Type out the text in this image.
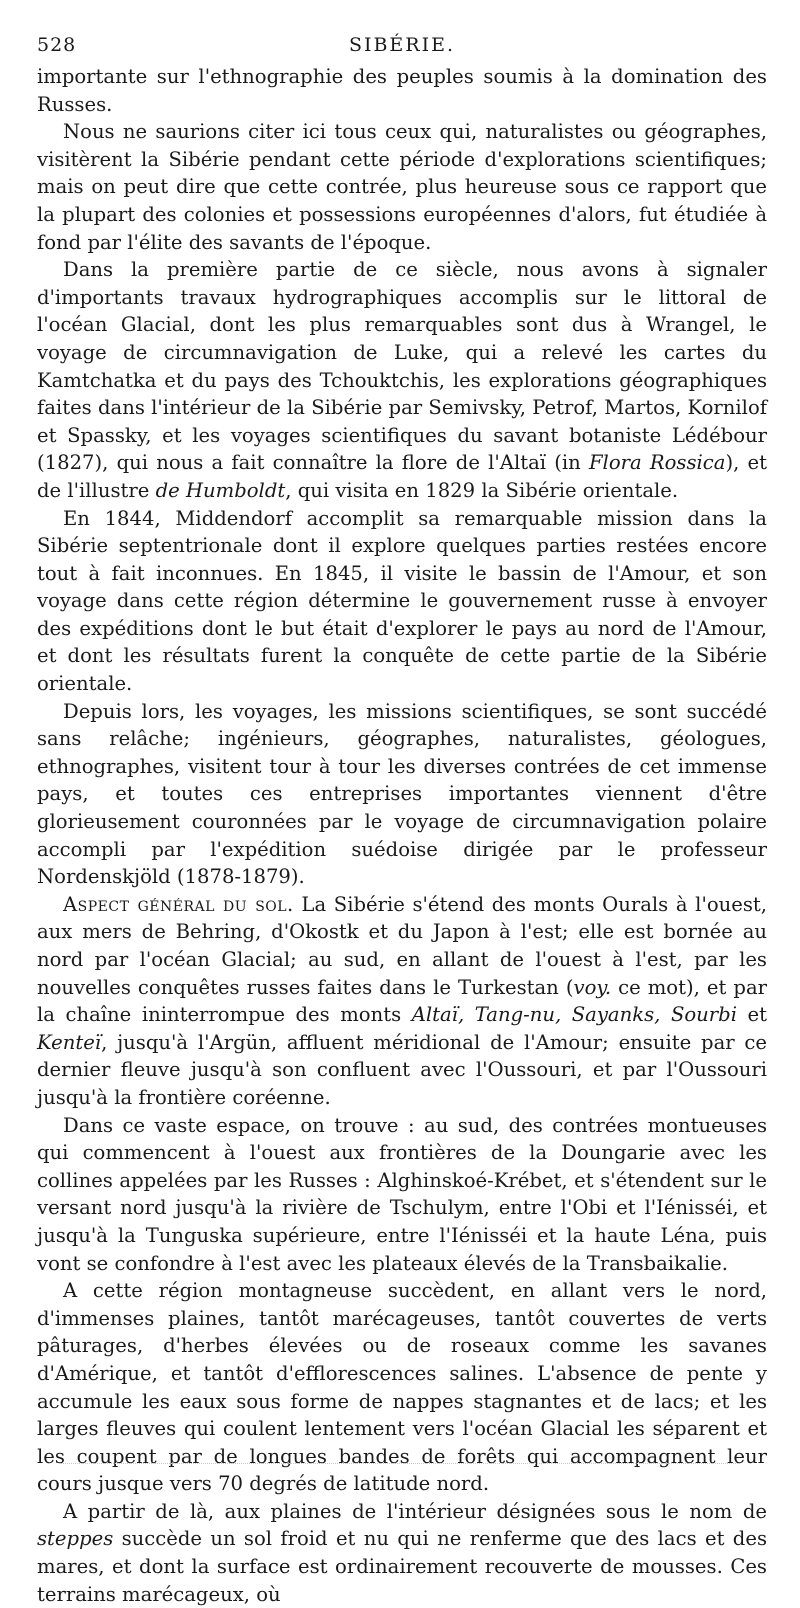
528	SIBÉRIE.

importante sur l'ethnographie des peuples soumis à la domination des Russes.

Nous ne saurions citer ici tous ceux qui, naturalistes ou géographes, visitèrent la Sibérie pendant cette période d'explorations scientifiques; mais on peut dire que cette contrée, plus heureuse sous ce rapport que la plupart des colonies et possessions européennes d'alors, fut étudiée à fond par l'élite des savants de l'époque.

Dans la première partie de ce siècle, nous avons à signaler d'importants travaux hydrographiques accomplis sur le littoral de l'océan Glacial, dont les plus remarquables sont dus à Wrangel, le voyage de circumnavigation de Luke, qui a relevé les cartes du Kamtchatka et du pays des Tchouktchis, les explorations géographiques faites dans l'intérieur de la Sibérie par Semivsky, Petrof, Martos, Kornilof et Spassky, et les voyages scientifiques du savant botaniste Lédébour (1827), qui nous a fait connaître la flore de l'Altaï (in Flora Rossica), et de l'illustre de Humboldt, qui visita en 1829 la Sibérie orientale.

En 1844, Middendorf accomplit sa remarquable mission dans la Sibérie septentrionale dont il explore quelques parties restées encore tout à fait inconnues. En 1845, il visite le bassin de l'Amour, et son voyage dans cette région détermine le gouvernement russe à envoyer des expéditions dont le but était d'explorer le pays au nord de l'Amour, et dont les résultats furent la conquête de cette partie de la Sibérie orientale.

Depuis lors, les voyages, les missions scientifiques, se sont succédé sans relâche; ingénieurs, géographes, naturalistes, géologues, ethnographes, visitent tour à tour les diverses contrées de cet immense pays, et toutes ces entreprises importantes viennent d'être glorieusement couronnées par le voyage de circumnavigation polaire accompli par l'expédition suédoise dirigée par le professeur Nordenskjöld (1878-1879).

Aspect général du sol. La Sibérie s'étend des monts Ourals à l'ouest, aux mers de Behring, d'Okostk et du Japon à l'est; elle est bornée au nord par l'océan Glacial; au sud, en allant de l'ouest à l'est, par les nouvelles conquêtes russes faites dans le Turkestan (voy. ce mot), et par la chaîne ininterrompue des monts Altaï, Tang-nu, Sayanks, Sourbi et Kenteï, jusqu'à l'Argün, affluent méridional de l'Amour; ensuite par ce dernier fleuve jusqu'à son confluent avec l'Oussouri, et par l'Oussouri jusqu'à la frontière coréenne.

Dans ce vaste espace, on trouve : au sud, des contrées montueuses qui commencent à l'ouest aux frontières de la Doungarie avec les collines appelées par les Russes : Alghinskoé-Krébet, et s'étendent sur le versant nord jusqu'à la rivière de Tschulym, entre l'Obi et l'Iénisséi, et jusqu'à la Tunguska supérieure, entre l'Iénisséi et la haute Léna, puis vont se confondre à l'est avec les plateaux élevés de la Transbaikalie.

A cette région montagneuse succèdent, en allant vers le nord, d'immenses plaines, tantôt marécageuses, tantôt couvertes de verts pâturages, d'herbes élevées ou de roseaux comme les savanes d'Amérique, et tantôt d'efflorescences salines. L'absence de pente y accumule les eaux sous forme de nappes stagnantes et de lacs; et les larges fleuves qui coulent lentement vers l'océan Glacial les séparent et les coupent par de longues bandes de forêts qui accompagnent leur cours jusque vers 70 degrés de latitude nord.

A partir de là, aux plaines de l'intérieur désignées sous le nom de steppes succède un sol froid et nu qui ne renferme que des lacs et des mares, et dont la surface est ordinairement recouverte de mousses. Ces terrains marécageux, où
